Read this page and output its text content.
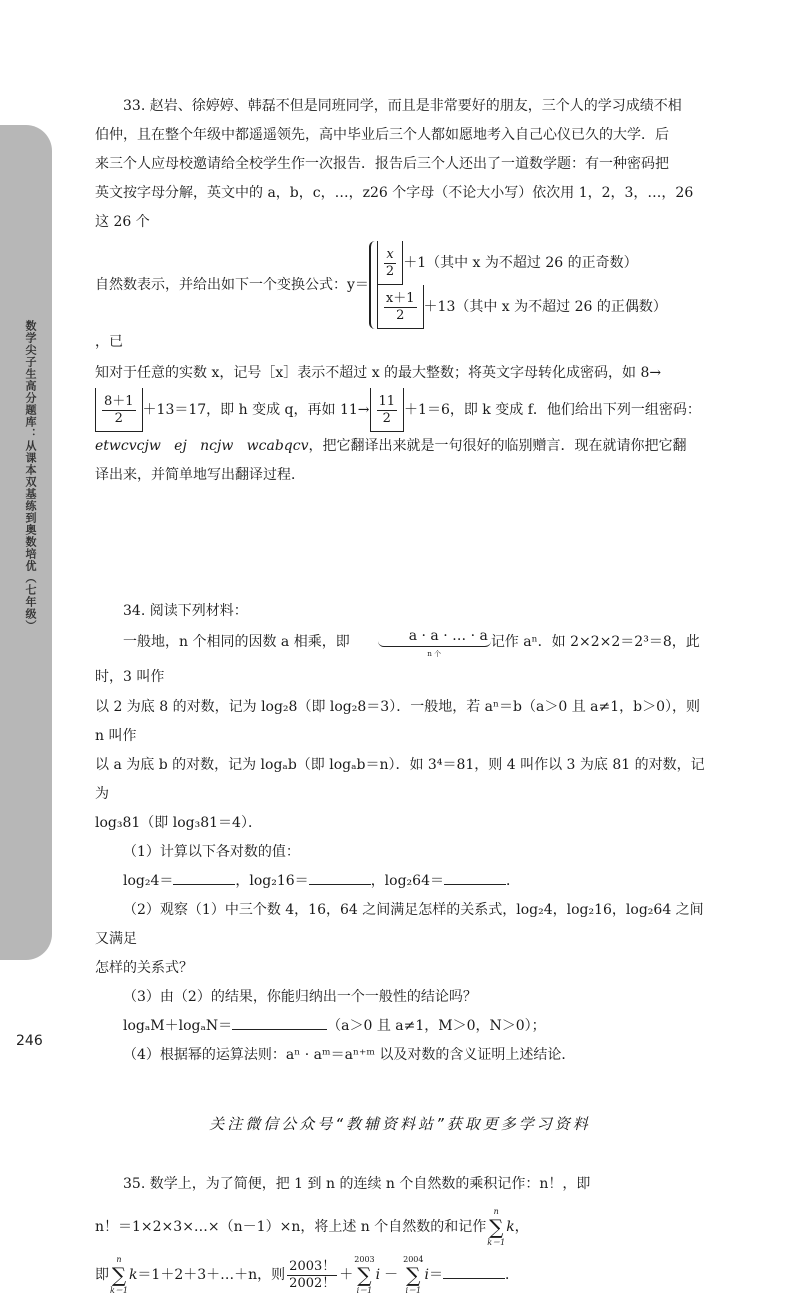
数学尖子生高分题库：从课本双基练到奥数培优（七年级）
246

33. 赵岩、徐婷婷、韩磊不但是同班同学，而且是非常要好的朋友，三个人的学习成绩不相

伯仲，且在整个年级中都遥遥领先，高中毕业后三个人都如愿地考入自己心仪已久的大学．后

来三个人应母校邀请给全校学生作一次报告．报告后三个人还出了一道数学题：有一种密码把

英文按字母分解，英文中的 a，b，c，…，z26 个字母（不论大小写）依次用 1，2，3，…，26 这 26 个

自然数表示，并给出如下一个变换公式：y＝
$\frac{x}{2} +1$（其中 x 为不超过 26 的正奇数）
$\frac{x+1}{2} +13$（其中 x 为不超过 26 的正偶数）
，已

知对于任意的实数 x，记号［x］表示不超过 x 的最大整数；将英文字母转化成密码，如 8→

$\frac{8+1}{2} +13=17$，即 h 变成 q，再如 $11\to \frac{11}{2} +1=6$，即 k 变成 f．他们给出下列一组密码：

etwcvcjw   ej   ncjw   wcabqcv，把它翻译出来就是一句很好的临别赠言．现在就请你把它翻

译出来，并简单地写出翻译过程．

34. 阅读下列材料：

一般地，n 个相同的因数 a 相乘，即	a · a · … · a
n 个
记作 aⁿ．如 2×2×2＝2³＝8，此时，3 叫作

以 2 为底 8 的对数，记为 log₂8（即 log₂8＝3）．一般地，若 aⁿ＝b（a＞0 且 a≠1，b＞0），则 n 叫作

以 a 为底 b 的对数，记为 logₐb（即 logₐb＝n）．如 3⁴＝81，则 4 叫作以 3 为底 81 的对数，记为

log₃81（即 log₃81＝4）．

（1）计算以下各对数的值：

log₂4＝	，log₂16＝	，log₂64＝	．

（2）观察（1）中三个数 4，16，64 之间满足怎样的关系式，log₂4，log₂16，log₂64 之间又满足

怎样的关系式？

（3）由（2）的结果，你能归纳出一个一般性的结论吗？

logₐM＋logₐN＝	（a＞0 且 a≠1，M＞0，N＞0）；

（4）根据幂的运算法则：aⁿ · aᵐ＝aⁿ⁺ᵐ 以及对数的含义证明上述结论．

35. 数学上，为了简便，把 1 到 n 的连续 n 个自然数的乘积记作：n！，即

n！＝1×2×3×…×（n－1）×n，将上述 n 个自然数的和记作
n
∑
k＝1
k，

即
n
∑
k＝1
k＝1＋2＋3＋…＋n，则 $\frac{2003!}{2002!}$ ＋
2003
∑
i＝1
i －
2004
∑
i＝1
i＝	．

关注微信公众号“教辅资料站”获取更多学习资料
